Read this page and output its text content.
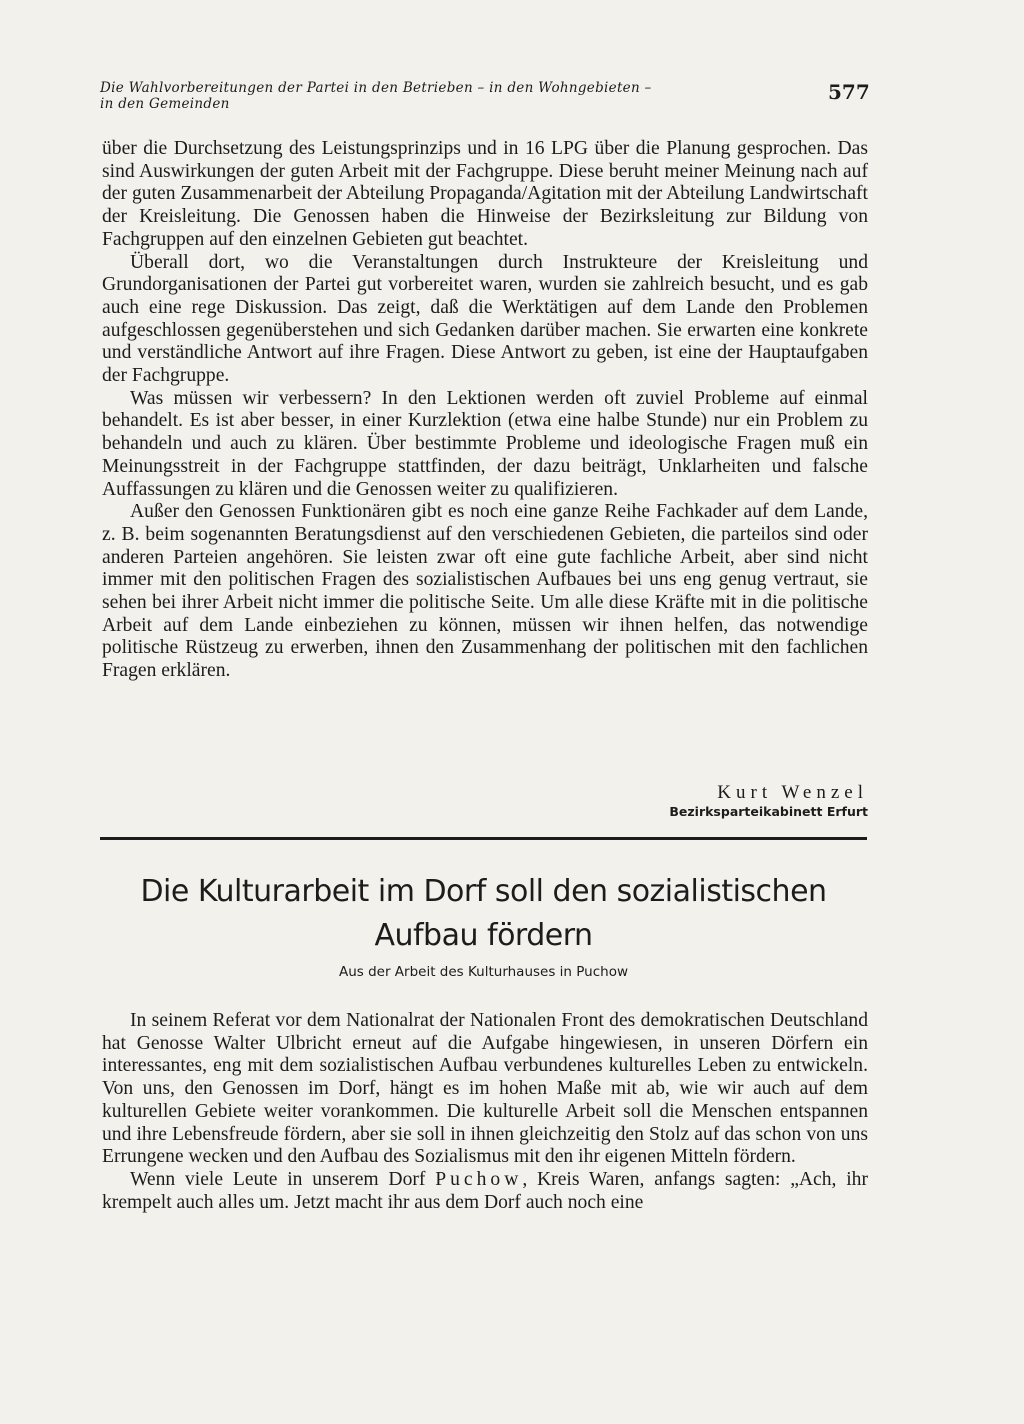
Die Wahlvorbereitungen der Partei in den Betrieben – in den Wohngebieten –
in den Gemeinden	577

über die Durchsetzung des Leistungsprinzips und in 16 LPG über die Planung gesprochen. Das sind Auswirkungen der guten Arbeit mit der Fachgruppe. Diese beruht meiner Meinung nach auf der guten Zusammenarbeit der Abteilung Propaganda/Agitation mit der Abteilung Landwirtschaft der Kreisleitung. Die Genossen haben die Hinweise der Bezirksleitung zur Bildung von Fachgruppen auf den einzelnen Gebieten gut beachtet.

Überall dort, wo die Veranstaltungen durch Instrukteure der Kreisleitung und Grundorganisationen der Partei gut vorbereitet waren, wurden sie zahlreich besucht, und es gab auch eine rege Diskussion. Das zeigt, daß die Werktätigen auf dem Lande den Problemen aufgeschlossen gegenüberstehen und sich Gedanken darüber machen. Sie erwarten eine konkrete und verständliche Antwort auf ihre Fragen. Diese Antwort zu geben, ist eine der Hauptaufgaben der Fachgruppe.

Was müssen wir verbessern? In den Lektionen werden oft zuviel Probleme auf einmal behandelt. Es ist aber besser, in einer Kurzlektion (etwa eine halbe Stunde) nur ein Problem zu behandeln und auch zu klären. Über bestimmte Probleme und ideologische Fragen muß ein Meinungsstreit in der Fachgruppe stattfinden, der dazu beiträgt, Unklarheiten und falsche Auffassungen zu klären und die Genossen weiter zu qualifizieren.

Außer den Genossen Funktionären gibt es noch eine ganze Reihe Fachkader auf dem Lande, z. B. beim sogenannten Beratungsdienst auf den verschiedenen Gebieten, die parteilos sind oder anderen Parteien angehören. Sie leisten zwar oft eine gute fachliche Arbeit, aber sind nicht immer mit den politischen Fragen des sozialistischen Aufbaues bei uns eng genug vertraut, sie sehen bei ihrer Arbeit nicht immer die politische Seite. Um alle diese Kräfte mit in die politische Arbeit auf dem Lande einbeziehen zu können, müssen wir ihnen helfen, das notwendige politische Rüstzeug zu erwerben, ihnen den Zusammenhang der politischen mit den fachlichen Fragen erklären.

Kurt Wenzel
Bezirksparteikabinett Erfurt
Die Kulturarbeit im Dorf soll den sozialistischen
Aufbau fördern
Aus der Arbeit des Kulturhauses in Puchow

In seinem Referat vor dem Nationalrat der Nationalen Front des demokratischen Deutschland hat Genosse Walter Ulbricht erneut auf die Aufgabe hingewiesen, in unseren Dörfern ein interessantes, eng mit dem sozialistischen Aufbau verbundenes kulturelles Leben zu entwickeln. Von uns, den Genossen im Dorf, hängt es im hohen Maße mit ab, wie wir auch auf dem kulturellen Gebiete weiter vorankommen. Die kulturelle Arbeit soll die Menschen entspannen und ihre Lebensfreude fördern, aber sie soll in ihnen gleichzeitig den Stolz auf das schon von uns Errungene wecken und den Aufbau des Sozialismus mit den ihr eigenen Mitteln fördern.

Wenn viele Leute in unserem Dorf Puchow, Kreis Waren, anfangs sagten: „Ach, ihr krempelt auch alles um. Jetzt macht ihr aus dem Dorf auch noch eine
